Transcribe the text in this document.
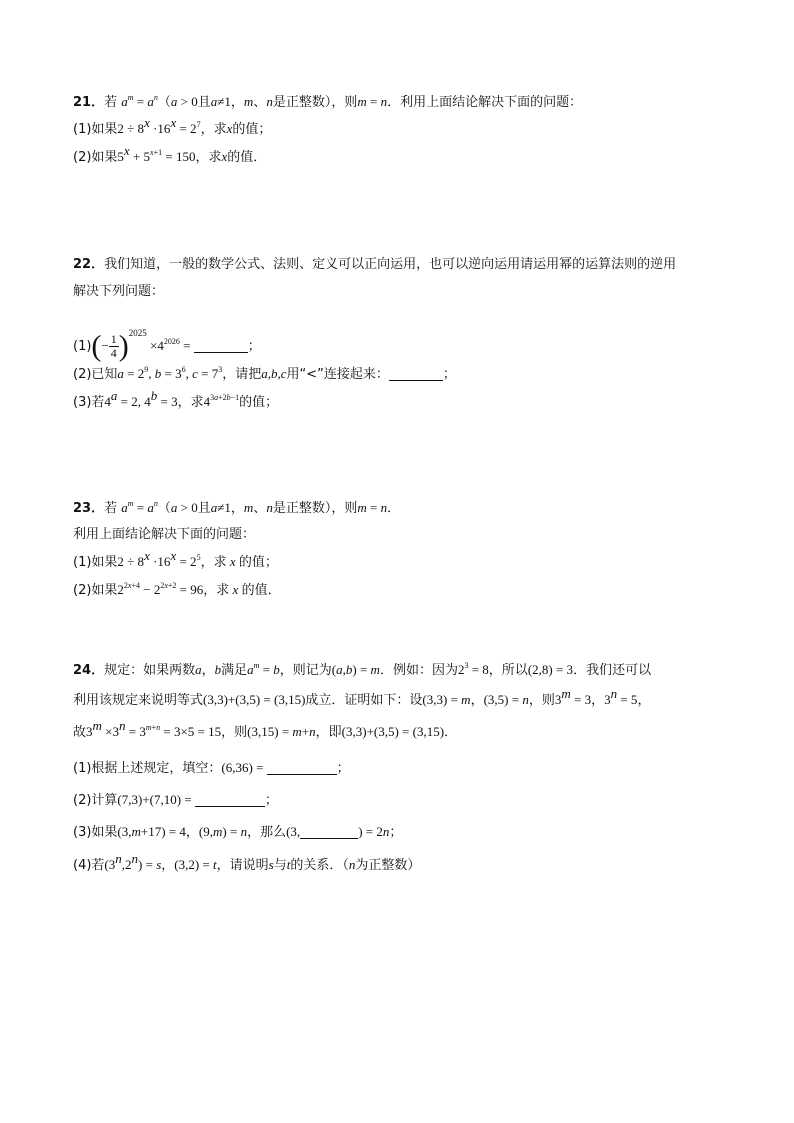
21．若 $a^m = a^n(a > 0$且a≠1，m、n是正整数），则m = n．利用上面结论解决下面的问题：
(1)如果$2 \div 8^x \cdot 16^x = 2^7$，求x的值；
(2)如果$5^x + 5^{x+1} = 150$，求x的值．
22．我们知道，一般的数学公式、法则、定义可以正向运用，也可以逆向运用请运用幂的运算法则的逆用
解决下列问题：
$(1)(- \frac{1}{4} )^{2025} \times 4^{2026}$ =	；
(2)已知$a = 2^9$, $b = 3^6$, $c = 7^3$，请把a,b,c用“<”连接起来：	；
(3)若$4^a = 2$, $4^b = 3$，求$4^{3a+2b-1}$的值；
23．若 $a^m = a^n(a > 0$且a≠1，m、n是正整数），则m = n．
利用上面结论解决下面的问题：
(1)如果$2 \div 8^x \cdot 16^x = 2^5$，求 x 的值；
(2)如果$2^{2x+4} - 2^{2x+2} = 96$，求 x 的值．
24．规定：如果两数a，b满足$a^m = b$，则记为(a,b) = m．例如：因为$2^3 = 8$，所以(2,8) = 3．我们还可以
利用该规定来说明等式(3,3)+(3,5) = (3,15)成立．证明如下：设(3,3) = m，(3,5) = n，则$3^m = 3$，$3^n = 5$，
故$3^m \times 3^n = 3^{m+n} = 3\times 5 = 15$，则(3,15) = m+n，即(3,3)+(3,5) = (3,15)．
(1)根据上述规定，填空：(6,36) =	；
(2)计算(7,3)+(7,10) =	；
(3)如果(3,m+17) = 4，(9,m) = n，那么(3,	) = 2n；
(4)若$(3^n,2^n) = s$，(3,2) = t，请说明s与t的关系．（n为正整数）
